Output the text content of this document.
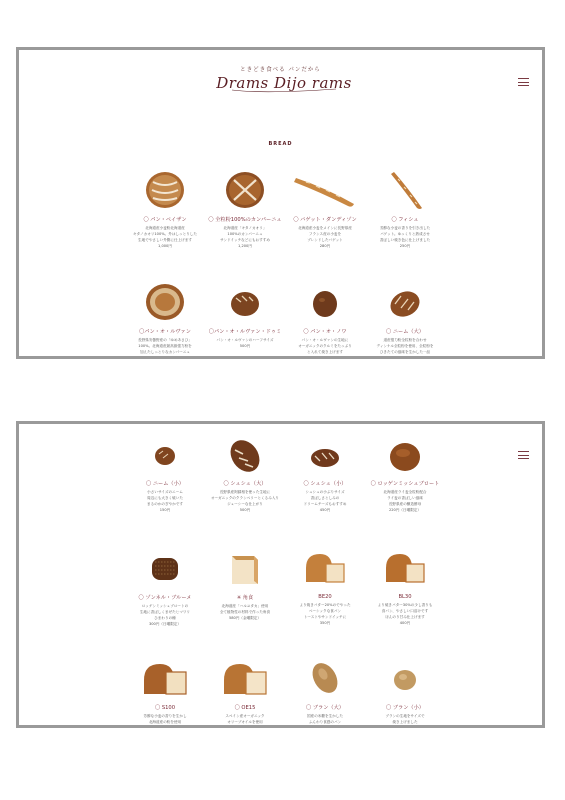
ときどき食べる パンだから
Drams Dijo rams
BREAD
〇 パン・ペイザン
北海道産小麦粉北海道産
キタノカオリ100%。外はしっとりした
生地でやさしい外側に仕上げます
1,000円
〇 全粒粉100%のカンパーニュ
北海道産「キタノカオリ」
100%のカンパーニュ
サンドイッチなどにもおすすめ
1,200円
〇 バゲット・ダンディゾン
北海道産小麦をメインに長野県産
フランス産の小麦を
ブレンドしたバゲット
280円
〇 フィシュ
芳醇な小麦の香りを引き出した
バゲット。ゆっくりと熟成させ
香ばしい焼き色に仕上げました
250円
〇パン・オ・ルヴァン
長野県安曇野産の「ゆめあさひ」
100%。北海道産最高級強力粉を
加えたしっとりなカンパーニュ
〇パン・オ・ルヴァン・ドゥミ
パン・オ・ルヴァンのハーフサイズ
500円
〇 パン・オ・ノワ
パン・オ・ルヴァンの生地に
オーガニックのクルミをたっぷり
と入れて焼き上げます
〇 ニーム（大）
道産強力粉全粒粉を合わせ
ディンケル全粒粉を使用、全粒粉を
ひきたての風味を生かした一品
〇 ニーム（小）
小さいサイズのニーム
周辺にも大きく焼いた
まるのかのぎやかです
150円
〇 シュシュ（大）
長野県産阿蘇相を使った生地に
オーガニックのクランベリーとくるみ入り
ジューシーな仕上がり
500円
〇 シュシュ（小）
シュシュの小ぶりサイズ
香ばしさとしみの
ドリームチーズもおすすめ
450円
〇 ロッゲンミッシュブロート
北海道産ライ麦全粒粉配合
ライ麦の香ばしい風味
長野県産の醸造酵母
220円（日曜限定）
〇 ゾンネル・ブルーメ
ロッゲンミッシュブロートの
生地に香ばしくまぜたヒマワリ
ひまわりの種
300円（日曜限定）
✳ 角食
北海道産「ハルユタカ」使用
全て植物性の材料で作った角食
580円（金曜限定）
BE20
より焼きバター20%のでやった
ベーシックな食パン
トーストやサンドイッチに
350円
BL30
より焼きバター30%の少し香りも
食パン、やさしい口溶けです
ほんのり甘み仕上げます
400円
〇 S100
芳醇な小麦の香りを生かし
北海道産の粉を使用
〇 OE15
スペイン産オーガニック
オリーブオイルを使用
〇 ブラン（大）
国産の米糠を生かした
ふんわり食感のパン
〇 ブラン（小）
ブランの生地をサイズで
焼き上げました
